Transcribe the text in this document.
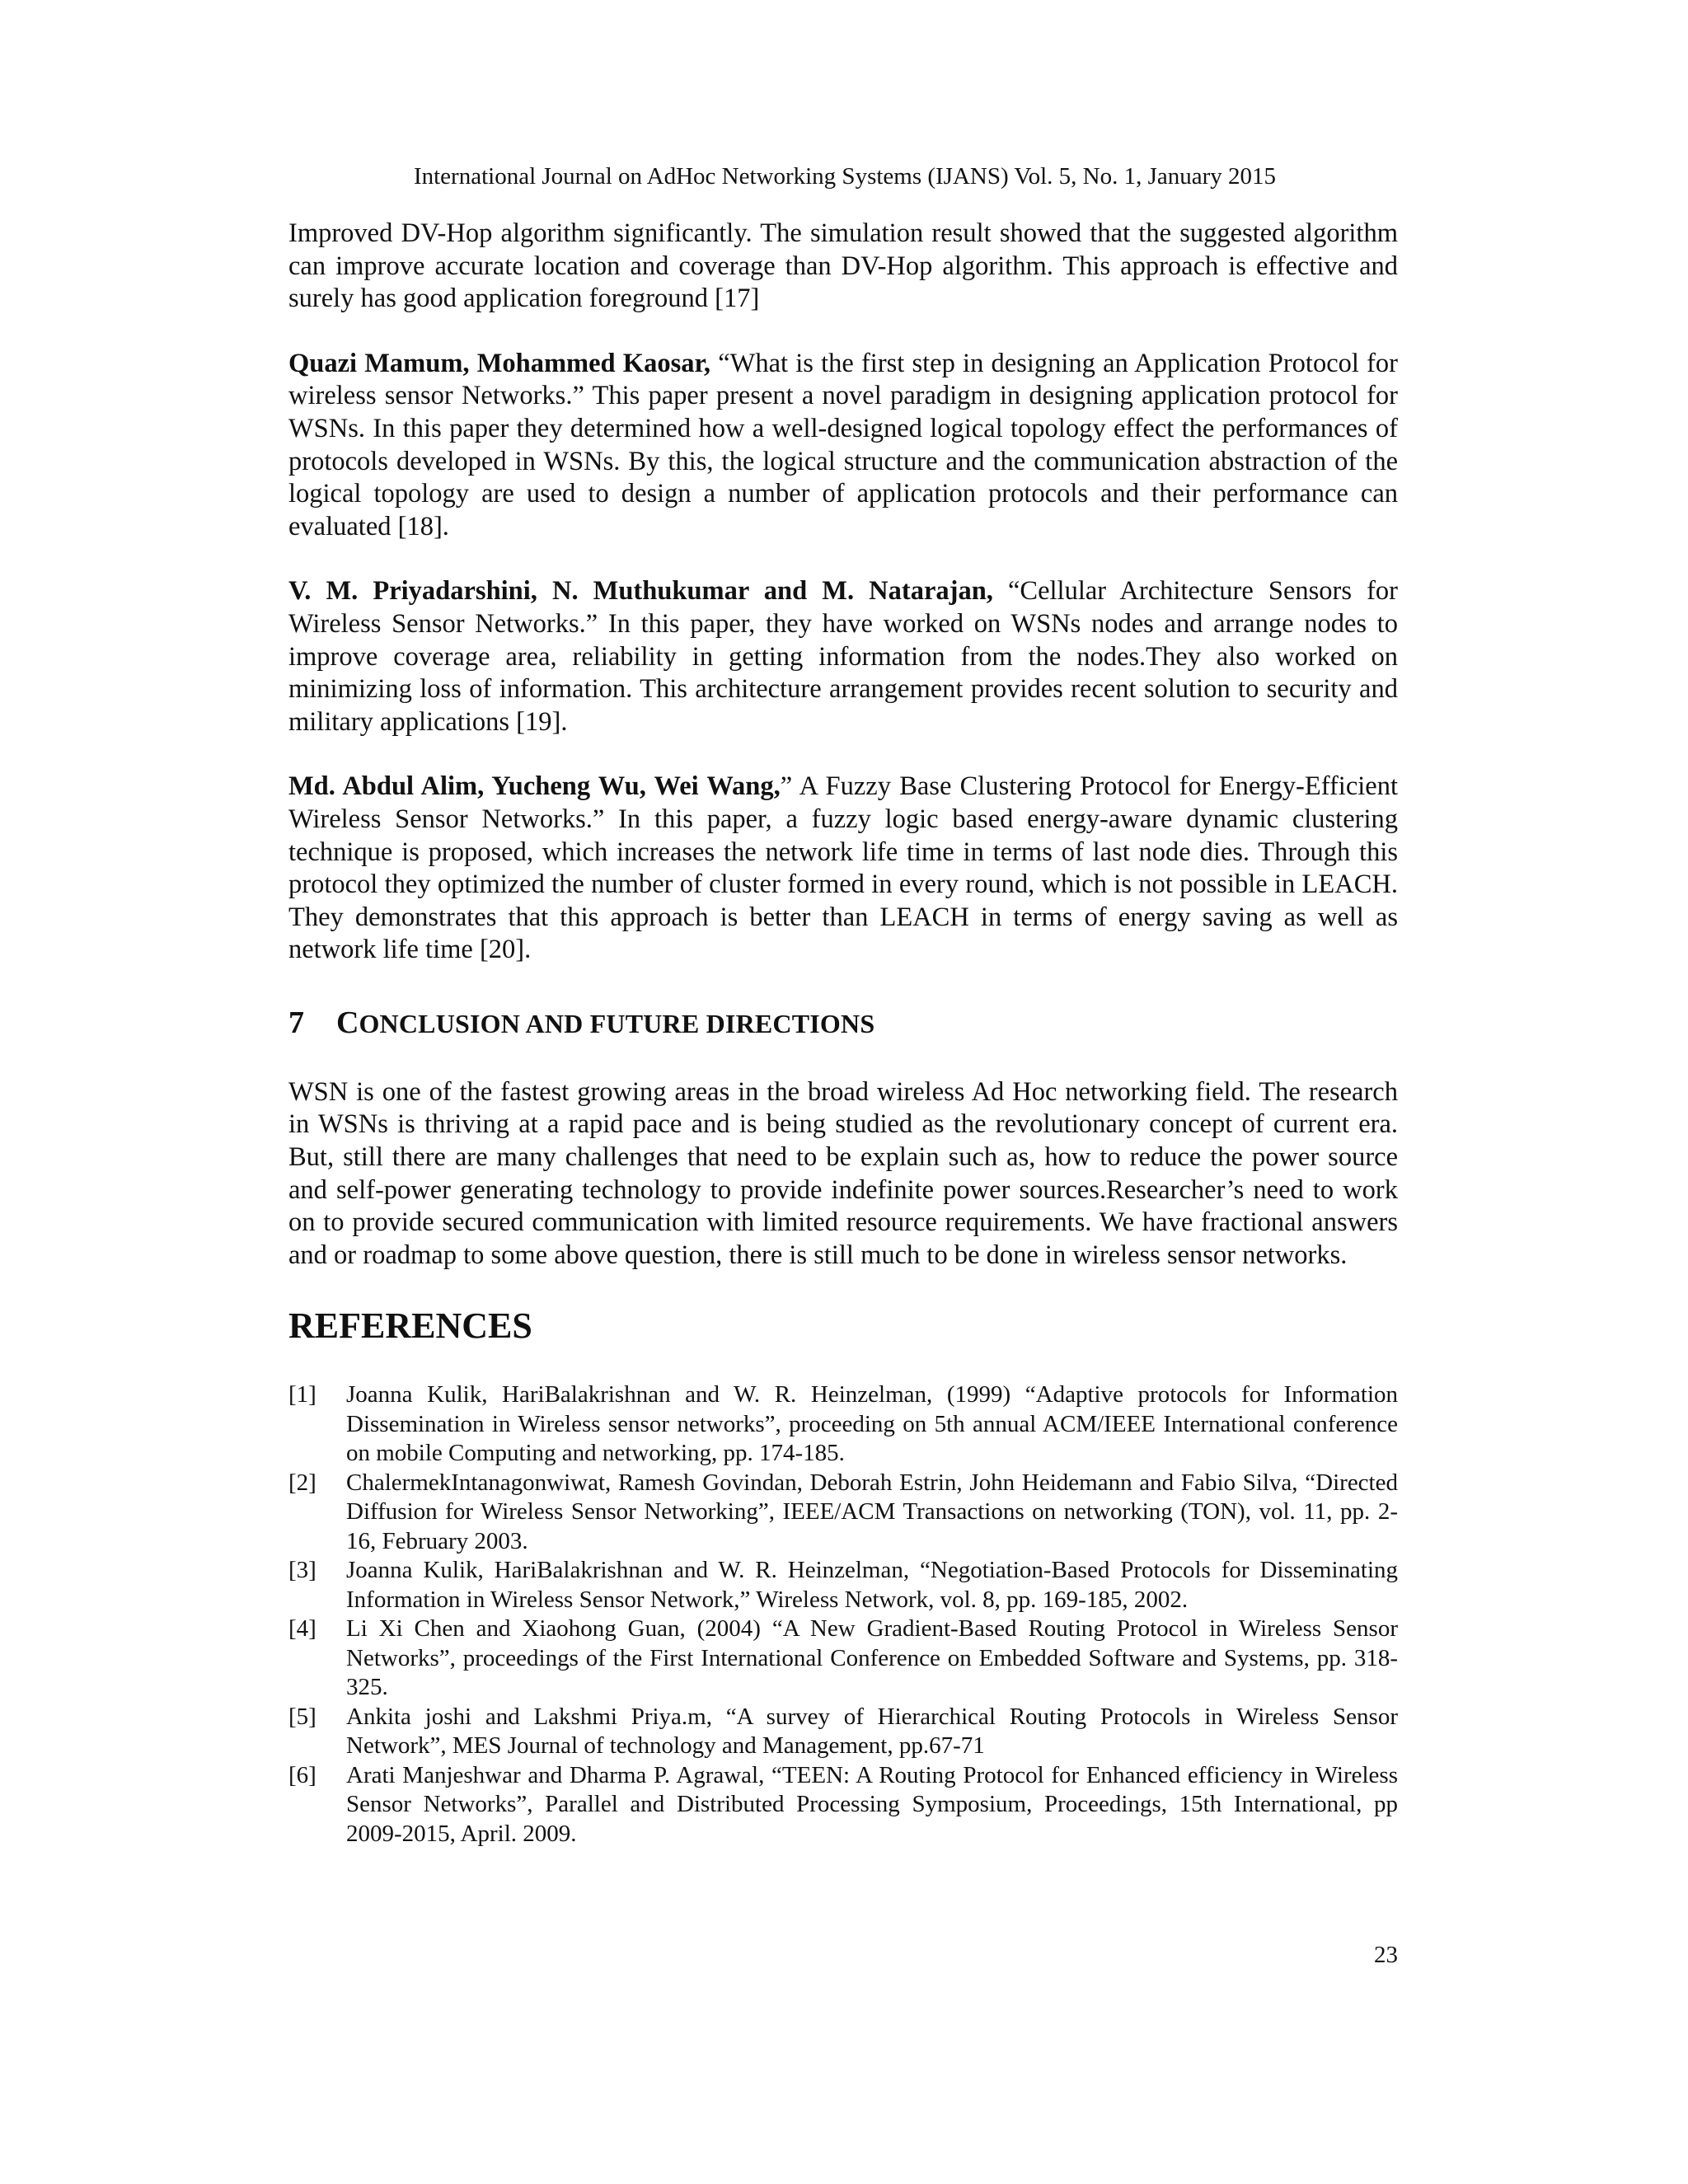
International Journal on AdHoc Networking Systems (IJANS) Vol. 5, No. 1, January 2015

Improved DV-Hop algorithm significantly. The simulation result showed that the suggested algorithm can improve accurate location and coverage than DV-Hop algorithm. This approach is effective and surely has good application foreground [17]

Quazi Mamum, Mohammed Kaosar, “What is the first step in designing an Application Protocol for wireless sensor Networks.” This paper present a novel paradigm in designing application protocol for WSNs. In this paper they determined how a well-designed logical topology effect the performances of protocols developed in WSNs. By this, the logical structure and the communication abstraction of the logical topology are used to design a number of application protocols and their performance can evaluated [18].

V. M. Priyadarshini, N. Muthukumar and M. Natarajan, “Cellular Architecture Sensors for Wireless Sensor Networks.” In this paper, they have worked on WSNs nodes and arrange nodes to improve coverage area, reliability in getting information from the nodes.They also worked on minimizing loss of information. This architecture arrangement provides recent solution to security and military applications [19].

Md. Abdul Alim, Yucheng Wu, Wei Wang,” A Fuzzy Base Clustering Protocol for Energy-Efficient Wireless Sensor Networks.” In this paper, a fuzzy logic based energy-aware dynamic clustering technique is proposed, which increases the network life time in terms of last node dies. Through this protocol they optimized the number of cluster formed in every round, which is not possible in LEACH. They demonstrates that this approach is better than LEACH in terms of energy saving as well as network life time [20].

7 CONCLUSION AND FUTURE DIRECTIONS

WSN is one of the fastest growing areas in the broad wireless Ad Hoc networking field. The research in WSNs is thriving at a rapid pace and is being studied as the revolutionary concept of current era. But, still there are many challenges that need to be explain such as, how to reduce the power source and self-power generating technology to provide indefinite power sources.Researcher’s need to work on to provide secured communication with limited resource requirements. We have fractional answers and or roadmap to some above question, there is still much to be done in wireless sensor networks.

REFERENCES
[1]	Joanna Kulik, HariBalakrishnan and W. R. Heinzelman, (1999) “Adaptive protocols for Information Dissemination in Wireless sensor networks”, proceeding on 5th annual ACM/IEEE International conference on mobile Computing and networking, pp. 174-185.
[2]	ChalermekIntanagonwiwat, Ramesh Govindan, Deborah Estrin, John Heidemann and Fabio Silva, “Directed Diffusion for Wireless Sensor Networking”, IEEE/ACM Transactions on networking (TON), vol. 11, pp. 2-16, February 2003.
[3]	Joanna Kulik, HariBalakrishnan and W. R. Heinzelman, “Negotiation-Based Protocols for Disseminating Information in Wireless Sensor Network,” Wireless Network, vol. 8, pp. 169-185, 2002.
[4]	Li Xi Chen and Xiaohong Guan, (2004) “A New Gradient-Based Routing Protocol in Wireless Sensor Networks”, proceedings of the First International Conference on Embedded Software and Systems, pp. 318-325.
[5]	Ankita joshi and Lakshmi Priya.m, “A survey of Hierarchical Routing Protocols in Wireless Sensor Network”, MES Journal of technology and Management, pp.67-71
[6]	Arati Manjeshwar and Dharma P. Agrawal, “TEEN: A Routing Protocol for Enhanced efficiency in Wireless Sensor Networks”, Parallel and Distributed Processing Symposium, Proceedings, 15th International, pp 2009-2015, April. 2009.
23
